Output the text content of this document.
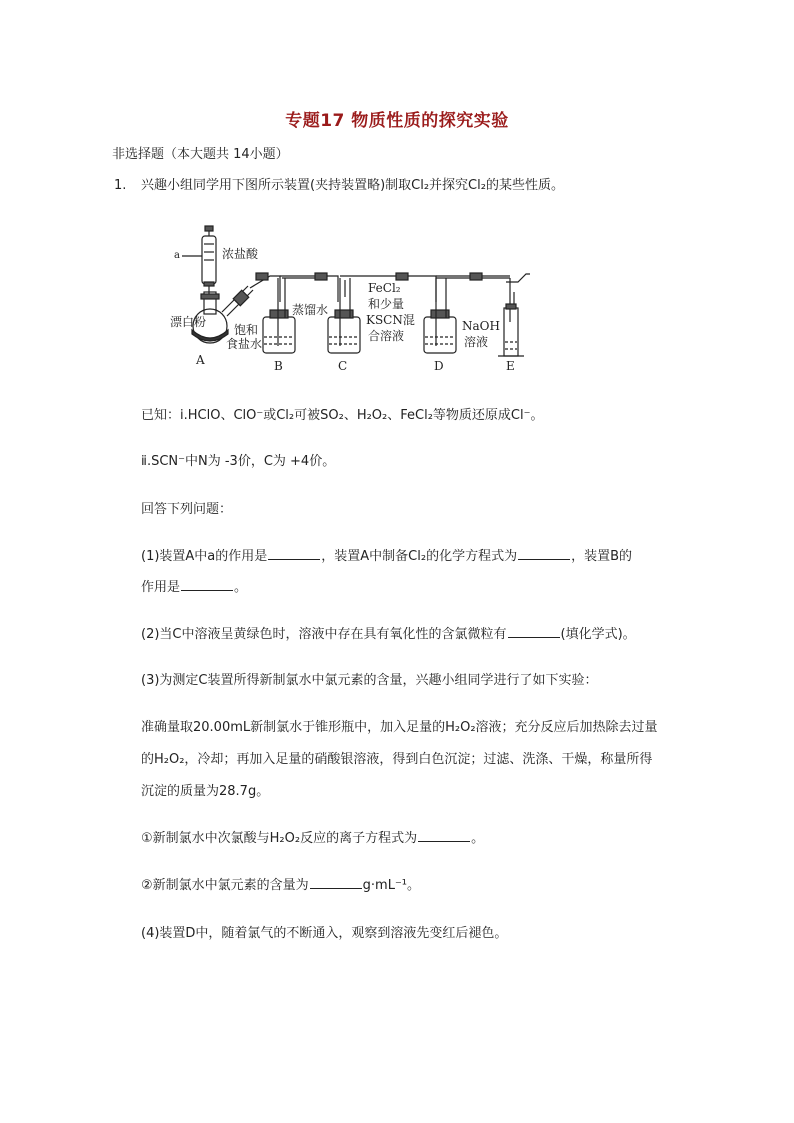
专题17 物质性质的探究实验
非选择题（本大题共 14小题）
1. 兴趣小组同学用下图所示装置(夹持装置略)制取Cl₂并探究Cl₂的某些性质。
a	浓盐酸
漂白粉
饱和
食盐水
蒸馏水
FeCl₂
和少量
KSCN混
合溶液
NaOH
溶液
A	B	C	D	E
已知：ⅰ.HClO、ClO⁻或Cl₂可被SO₂、H₂O₂、FeCl₂等物质还原成Cl⁻。
ⅱ.SCN⁻中N为 -3价，C为 +4价。
回答下列问题：
(1)装置A中a的作用是	，装置A中制备Cl₂的化学方程式为	，装置B的
作用是	。
(2)当C中溶液呈黄绿色时，溶液中存在具有氧化性的含氯微粒有	(填化学式)。
(3)为测定C装置所得新制氯水中氯元素的含量，兴趣小组同学进行了如下实验：
准确量取20.00mL新制氯水于锥形瓶中，加入足量的H₂O₂溶液；充分反应后加热除去过量
的H₂O₂，冷却；再加入足量的硝酸银溶液，得到白色沉淀；过滤、洗涤、干燥，称量所得
沉淀的质量为28.7g。
①新制氯水中次氯酸与H₂O₂反应的离子方程式为	。
②新制氯水中氯元素的含量为	g·mL⁻¹。
(4)装置D中，随着氯气的不断通入，观察到溶液先变红后褪色。
